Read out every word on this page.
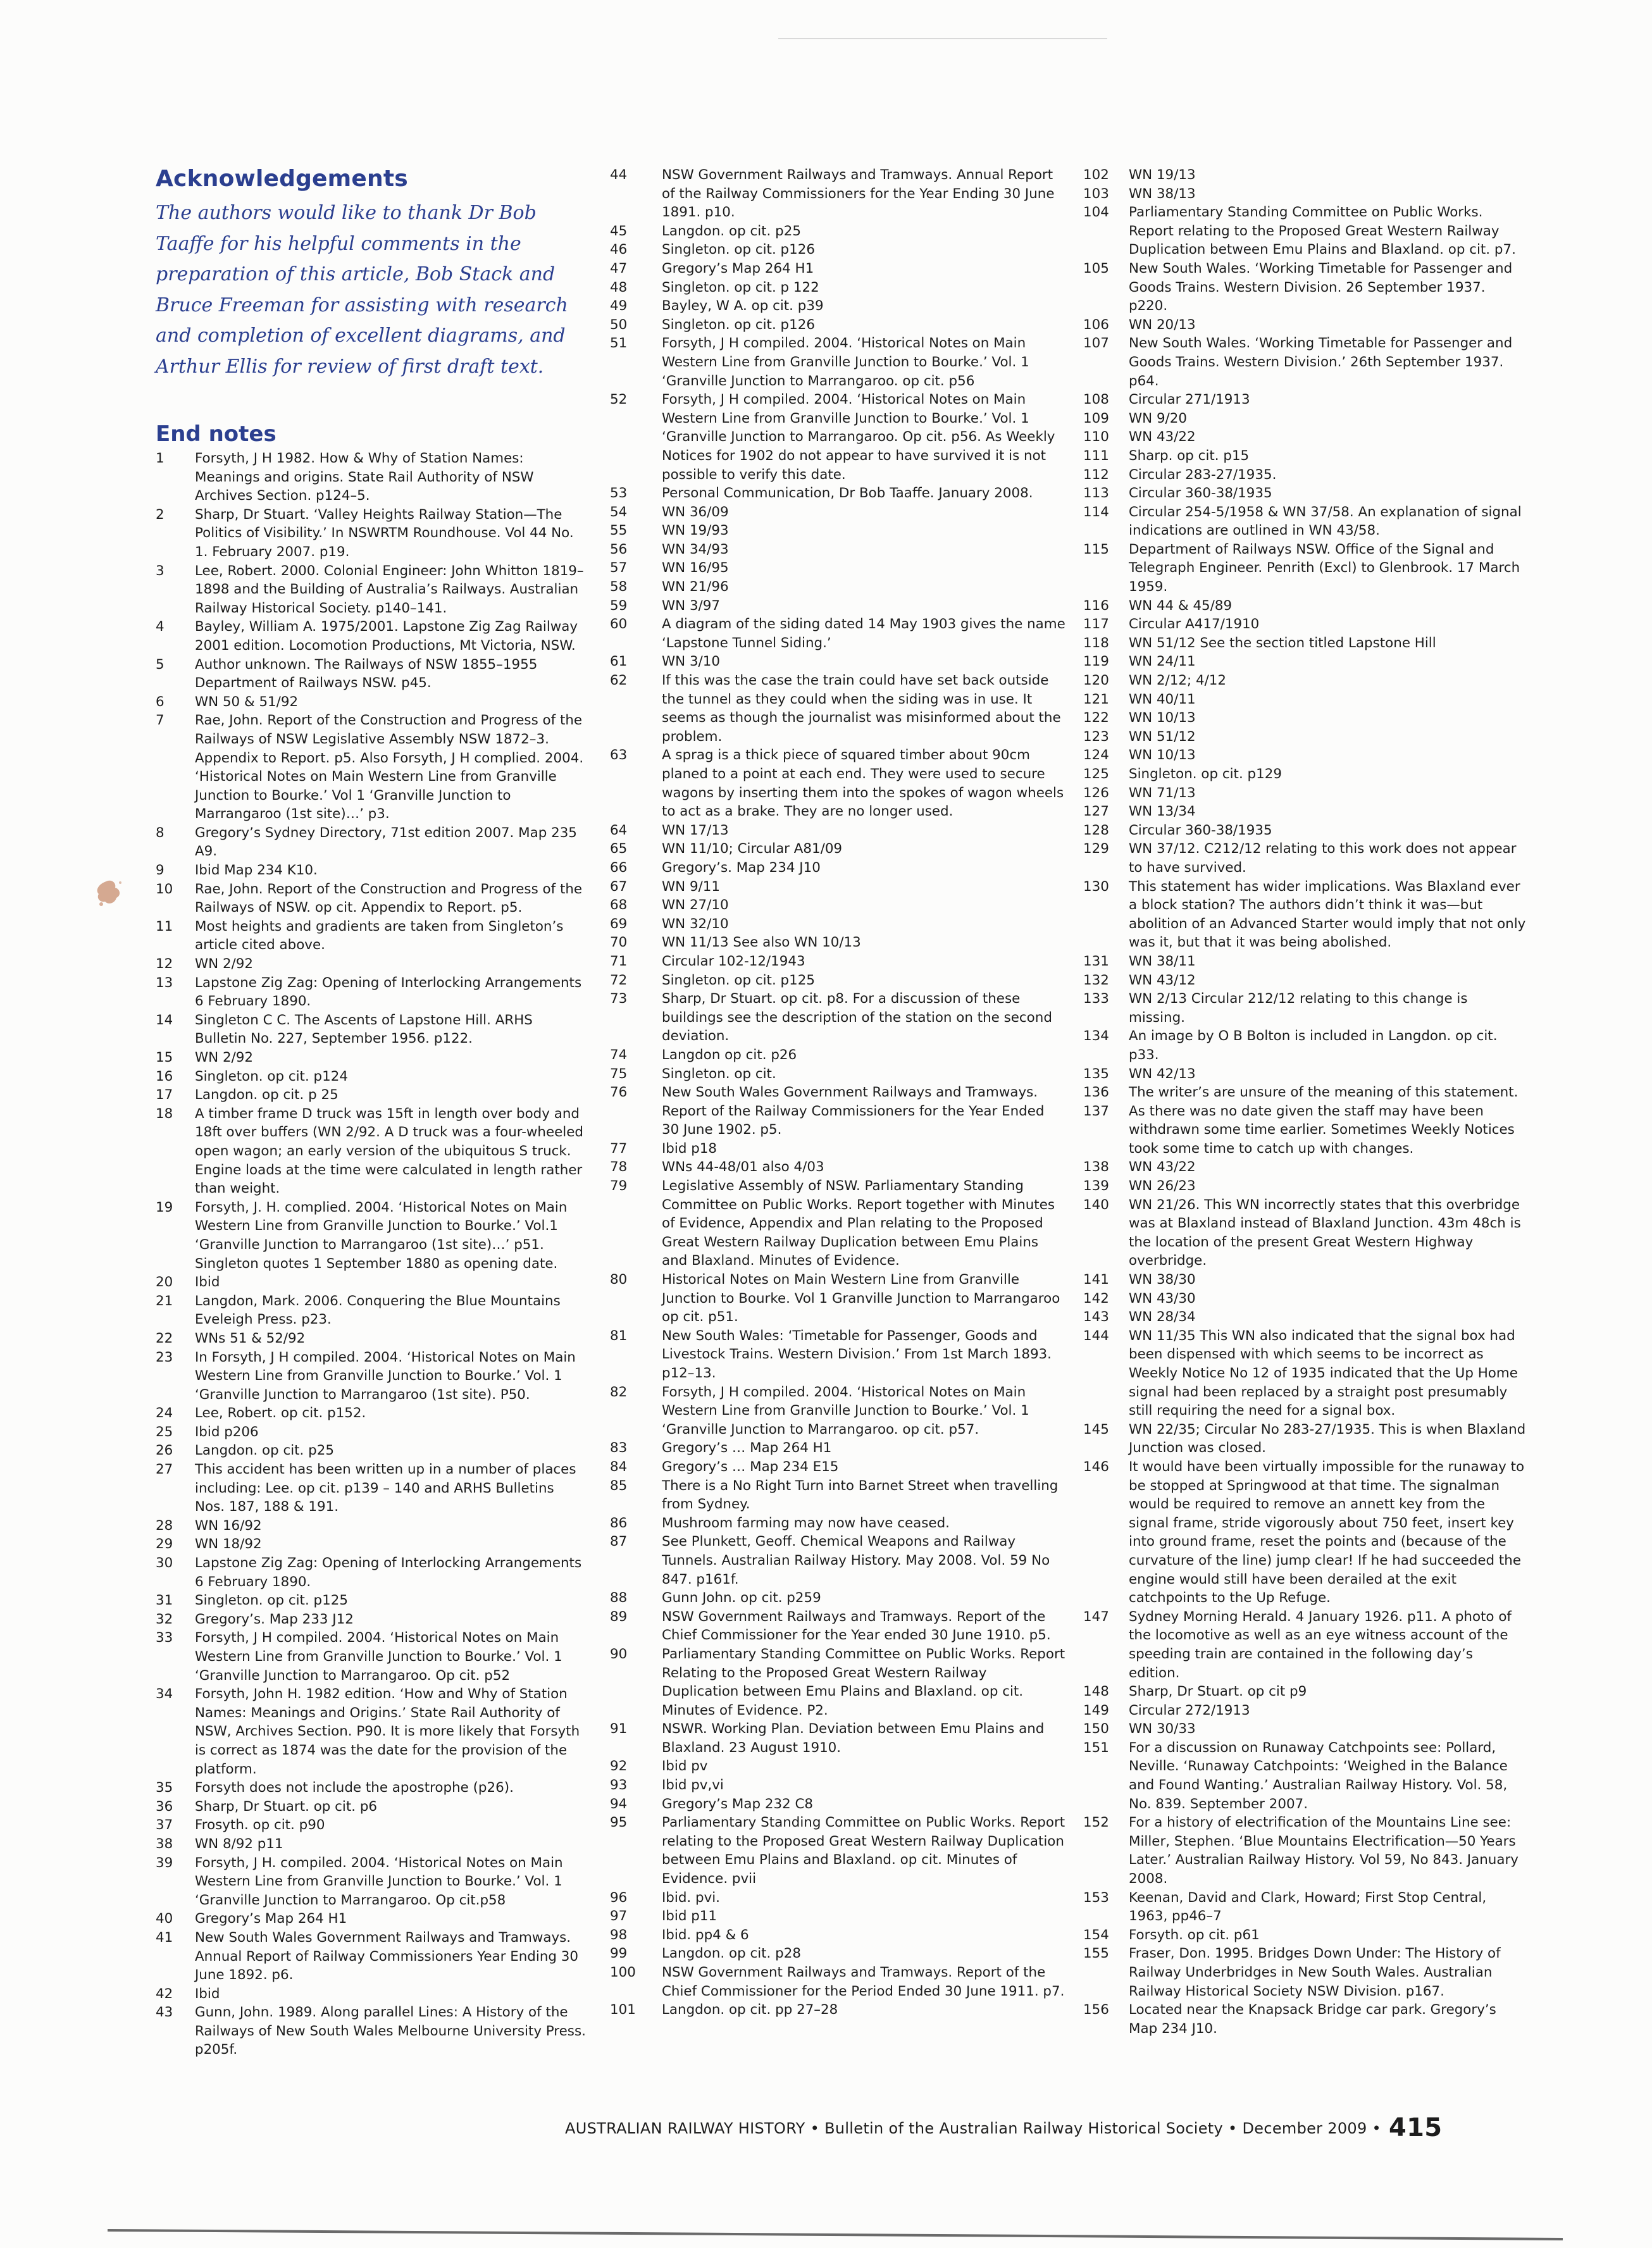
Acknowledgements

The authors would like to thank Dr Bob Taaffe for his helpful comments in the preparation of this article, Bob Stack and Bruce Freeman for assisting with research and completion of excellent diagrams, and Arthur Ellis for review of first draft text.

End notes
1	Forsyth, J H 1982. How & Why of Station Names: Meanings and origins. State Rail Authority of NSW Archives Section. p124–5.
2	Sharp, Dr Stuart. ‘Valley Heights Railway Station—The Politics of Visibility.’ In NSWRTM Roundhouse. Vol 44 No. 1. February 2007. p19.
3	Lee, Robert. 2000. Colonial Engineer: John Whitton 1819–1898 and the Building of Australia’s Railways. Australian Railway Historical Society. p140–141.
4	Bayley, William A. 1975/2001. Lapstone Zig Zag Railway 2001 edition. Locomotion Productions, Mt Victoria, NSW.
5	Author unknown. The Railways of NSW 1855–1955 Department of Railways NSW. p45.
6	WN 50 & 51/92
7	Rae, John. Report of the Construction and Progress of the Railways of NSW Legislative Assembly NSW 1872–3. Appendix to Report. p5. Also Forsyth, J H complied. 2004. ‘Historical Notes on Main Western Line from Granville Junction to Bourke.’ Vol 1 ‘Granville Junction to Marrangaroo (1st site)…’ p3.
8	Gregory’s Sydney Directory, 71st edition 2007. Map 235 A9.
9	Ibid Map 234 K10.
10	Rae, John. Report of the Construction and Progress of the Railways of NSW. op cit. Appendix to Report. p5.
11	Most heights and gradients are taken from Singleton’s article cited above.
12	WN 2/92
13	Lapstone Zig Zag: Opening of Interlocking Arrangements 6 February 1890.
14	Singleton C C. The Ascents of Lapstone Hill. ARHS Bulletin No. 227, September 1956. p122.
15	WN 2/92
16	Singleton. op cit. p124
17	Langdon. op cit. p 25
18	A timber frame D truck was 15ft in length over body and 18ft over buffers (WN 2/92. A D truck was a four-wheeled open wagon; an early version of the ubiquitous S truck. Engine loads at the time were calculated in length rather than weight.
19	Forsyth, J. H. complied. 2004. ‘Historical Notes on Main Western Line from Granville Junction to Bourke.’ Vol.1 ‘Granville Junction to Marrangaroo (1st site)…’ p51. Singleton quotes 1 September 1880 as opening date.
20	Ibid
21	Langdon, Mark. 2006. Conquering the Blue Mountains Eveleigh Press. p23.
22	WNs 51 & 52/92
23	In Forsyth, J H compiled. 2004. ‘Historical Notes on Main Western Line from Granville Junction to Bourke.’ Vol. 1 ‘Granville Junction to Marrangaroo (1st site). P50.
24	Lee, Robert. op cit. p152.
25	Ibid p206
26	Langdon. op cit. p25
27	This accident has been written up in a number of places including: Lee. op cit. p139 – 140 and ARHS Bulletins Nos. 187, 188 & 191.
28	WN 16/92
29	WN 18/92
30	Lapstone Zig Zag: Opening of Interlocking Arrangements 6 February 1890.
31	Singleton. op cit. p125
32	Gregory’s. Map 233 J12
33	Forsyth, J H compiled. 2004. ‘Historical Notes on Main Western Line from Granville Junction to Bourke.’ Vol. 1 ‘Granville Junction to Marrangaroo. Op cit. p52
34	Forsyth, John H. 1982 edition. ‘How and Why of Station Names: Meanings and Origins.’ State Rail Authority of NSW, Archives Section. P90. It is more likely that Forsyth is correct as 1874 was the date for the provision of the platform.
35	Forsyth does not include the apostrophe (p26).
36	Sharp, Dr Stuart. op cit. p6
37	Frosyth. op cit. p90
38	WN 8/92 p11
39	Forsyth, J H. compiled. 2004. ‘Historical Notes on Main Western Line from Granville Junction to Bourke.’ Vol. 1 ‘Granville Junction to Marrangaroo. Op cit.p58
40	Gregory’s Map 264 H1
41	New South Wales Government Railways and Tramways. Annual Report of Railway Commissioners Year Ending 30 June 1892. p6.
42	Ibid
43	Gunn, John. 1989. Along parallel Lines: A History of the Railways of New South Wales Melbourne University Press. p205f.
44	NSW Government Railways and Tramways. Annual Report of the Railway Commissioners for the Year Ending 30 June 1891. p10.
45	Langdon. op cit. p25
46	Singleton. op cit. p126
47	Gregory’s Map 264 H1
48	Singleton. op cit. p 122
49	Bayley, W A. op cit. p39
50	Singleton. op cit. p126
51	Forsyth, J H compiled. 2004. ‘Historical Notes on Main Western Line from Granville Junction to Bourke.’ Vol. 1 ‘Granville Junction to Marrangaroo. op cit. p56
52	Forsyth, J H compiled. 2004. ‘Historical Notes on Main Western Line from Granville Junction to Bourke.’ Vol. 1 ‘Granville Junction to Marrangaroo. Op cit. p56. As Weekly Notices for 1902 do not appear to have survived it is not possible to verify this date.
53	Personal Communication, Dr Bob Taaffe. January 2008.
54	WN 36/09
55	WN 19/93
56	WN 34/93
57	WN 16/95
58	WN 21/96
59	WN 3/97
60	A diagram of the siding dated 14 May 1903 gives the name ‘Lapstone Tunnel Siding.’
61	WN 3/10
62	If this was the case the train could have set back outside the tunnel as they could when the siding was in use. It seems as though the journalist was misinformed about the problem.
63	A sprag is a thick piece of squared timber about 90cm planed to a point at each end. They were used to secure wagons by inserting them into the spokes of wagon wheels to act as a brake. They are no longer used.
64	WN 17/13
65	WN 11/10; Circular A81/09
66	Gregory’s. Map 234 J10
67	WN 9/11
68	WN 27/10
69	WN 32/10
70	WN 11/13 See also WN 10/13
71	Circular 102-12/1943
72	Singleton. op cit. p125
73	Sharp, Dr Stuart. op cit. p8. For a discussion of these buildings see the description of the station on the second deviation.
74	Langdon op cit. p26
75	Singleton. op cit.
76	New South Wales Government Railways and Tramways. Report of the Railway Commissioners for the Year Ended 30 June 1902. p5.
77	Ibid p18
78	WNs 44-48/01 also 4/03
79	Legislative Assembly of NSW. Parliamentary Standing Committee on Public Works. Report together with Minutes of Evidence, Appendix and Plan relating to the Proposed Great Western Railway Duplication between Emu Plains and Blaxland. Minutes of Evidence.
80	Historical Notes on Main Western Line from Granville Junction to Bourke. Vol 1 Granville Junction to Marrangaroo op cit. p51.
81	New South Wales: ‘Timetable for Passenger, Goods and Livestock Trains. Western Division.’ From 1st March 1893. p12–13.
82	Forsyth, J H compiled. 2004. ‘Historical Notes on Main Western Line from Granville Junction to Bourke.’ Vol. 1 ‘Granville Junction to Marrangaroo. op cit. p57.
83	Gregory’s … Map 264 H1
84	Gregory’s … Map 234 E15
85	There is a No Right Turn into Barnet Street when travelling from Sydney.
86	Mushroom farming may now have ceased.
87	See Plunkett, Geoff. Chemical Weapons and Railway Tunnels. Australian Railway History. May 2008. Vol. 59 No 847. p161f.
88	Gunn John. op cit. p259
89	NSW Government Railways and Tramways. Report of the Chief Commissioner for the Year ended 30 June 1910. p5.
90	Parliamentary Standing Committee on Public Works. Report Relating to the Proposed Great Western Railway Duplication between Emu Plains and Blaxland. op cit. Minutes of Evidence. P2.
91	NSWR. Working Plan. Deviation between Emu Plains and Blaxland. 23 August 1910.
92	Ibid pv
93	Ibid pv,vi
94	Gregory’s Map 232 C8
95	Parliamentary Standing Committee on Public Works. Report relating to the Proposed Great Western Railway Duplication between Emu Plains and Blaxland. op cit. Minutes of Evidence. pvii
96	Ibid. pvi.
97	Ibid p11
98	Ibid. pp4 & 6
99	Langdon. op cit. p28
100	NSW Government Railways and Tramways. Report of the Chief Commissioner for the Period Ended 30 June 1911. p7.
101	Langdon. op cit. pp 27–28
102	WN 19/13
103	WN 38/13
104	Parliamentary Standing Committee on Public Works. Report relating to the Proposed Great Western Railway Duplication between Emu Plains and Blaxland. op cit. p7.
105	New South Wales. ‘Working Timetable for Passenger and Goods Trains. Western Division. 26 September 1937. p220.
106	WN 20/13
107	New South Wales. ‘Working Timetable for Passenger and Goods Trains. Western Division.’ 26th September 1937. p64.
108	Circular 271/1913
109	WN 9/20
110	WN 43/22
111	Sharp. op cit. p15
112	Circular 283-27/1935.
113	Circular 360-38/1935
114	Circular 254-5/1958 & WN 37/58. An explanation of signal indications are outlined in WN 43/58.
115	Department of Railways NSW. Office of the Signal and Telegraph Engineer. Penrith (Excl) to Glenbrook. 17 March 1959.
116	WN 44 & 45/89
117	Circular A417/1910
118	WN 51/12 See the section titled Lapstone Hill
119	WN 24/11
120	WN 2/12; 4/12
121	WN 40/11
122	WN 10/13
123	WN 51/12
124	WN 10/13
125	Singleton. op cit. p129
126	WN 71/13
127	WN 13/34
128	Circular 360-38/1935
129	WN 37/12. C212/12 relating to this work does not appear to have survived.
130	This statement has wider implications. Was Blaxland ever a block station? The authors didn’t think it was—but abolition of an Advanced Starter would imply that not only was it, but that it was being abolished.
131	WN 38/11
132	WN 43/12
133	WN 2/13 Circular 212/12 relating to this change is missing.
134	An image by O B Bolton is included in Langdon. op cit. p33.
135	WN 42/13
136	The writer’s are unsure of the meaning of this statement.
137	As there was no date given the staff may have been withdrawn some time earlier. Sometimes Weekly Notices took some time to catch up with changes.
138	WN 43/22
139	WN 26/23
140	WN 21/26. This WN incorrectly states that this overbridge was at Blaxland instead of Blaxland Junction. 43m 48ch is the location of the present Great Western Highway overbridge.
141	WN 38/30
142	WN 43/30
143	WN 28/34
144	WN 11/35 This WN also indicated that the signal box had been dispensed with which seems to be incorrect as Weekly Notice No 12 of 1935 indicated that the Up Home signal had been replaced by a straight post presumably still requiring the need for a signal box.
145	WN 22/35; Circular No 283-27/1935. This is when Blaxland Junction was closed.
146	It would have been virtually impossible for the runaway to be stopped at Springwood at that time. The signalman would be required to remove an annett key from the signal frame, stride vigorously about 750 feet, insert key into ground frame, reset the points and (because of the curvature of the line) jump clear! If he had succeeded the engine would still have been derailed at the exit catchpoints to the Up Refuge.
147	Sydney Morning Herald. 4 January 1926. p11. A photo of the locomotive as well as an eye witness account of the speeding train are contained in the following day’s edition.
148	Sharp, Dr Stuart. op cit p9
149	Circular 272/1913
150	WN 30/33
151	For a discussion on Runaway Catchpoints see: Pollard, Neville. ‘Runaway Catchpoints: ‘Weighed in the Balance and Found Wanting.’ Australian Railway History. Vol. 58, No. 839. September 2007.
152	For a history of electrification of the Mountains Line see: Miller, Stephen. ‘Blue Mountains Electrification—50 Years Later.’ Australian Railway History. Vol 59, No 843. January 2008.
153	Keenan, David and Clark, Howard; First Stop Central, 1963, pp46–7
154	Forsyth. op cit. p61
155	Fraser, Don. 1995. Bridges Down Under: The History of Railway Underbridges in New South Wales. Australian Railway Historical Society NSW Division. p167.
156	Located near the Knapsack Bridge car park. Gregory’s Map 234 J10.
AUSTRALIAN RAILWAY HISTORY • Bulletin of the Australian Railway Historical Society • December 2009 • 415
